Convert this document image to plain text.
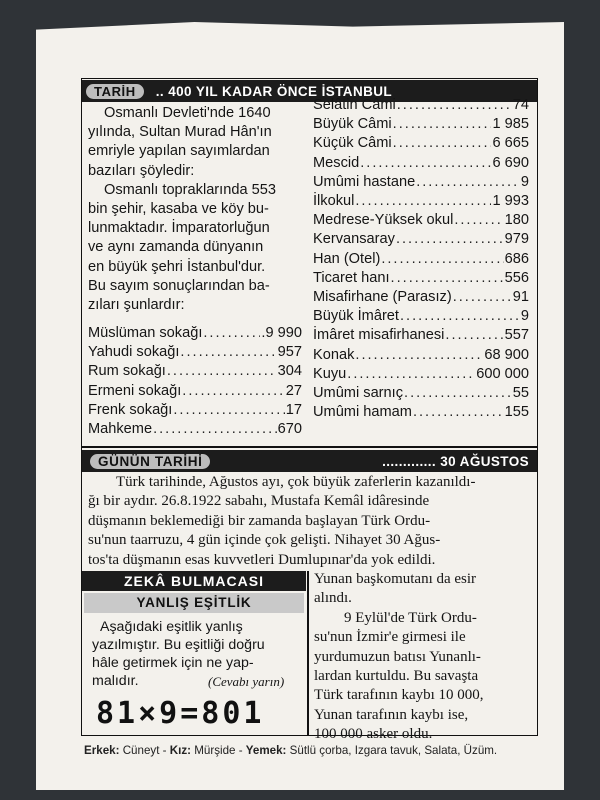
TARİH	.. 400 YIL KADAR ÖNCE İSTANBUL
Osmanlı Devleti'nde 1640
yılında, Sultan Murad Hân'ın
emriyle yapılan sayımlardan
bazıları şöyledir:
Osmanlı topraklarında 553
bin şehir, kasaba ve köy bu-
lunmaktadır. İmparatorluğun
ve aynı zamanda dünyanın
en büyük şehri İstanbul'dur.
Bu sayım sonuçlarından ba-
zıları şunlardır:
Müslüman sokağı .....	.9 990
Yahudi sokağı .....	957
Rum sokağı .....	304
Ermeni sokağı .....	27
Frenk sokağı .....	17
Mahkeme .....	670
Selâtin Câmi .....	74
Büyük Câmi .....	1 985
Küçük Câmi .....	6 665
Mescid .....	6 690
Umûmi hastane .....	9
İlkokul .....	1 993
Medrese-Yüksek okul .....	180
Kervansaray .....	979
Han (Otel) .....	686
Ticaret hanı .....	556
Misafirhane (Parasız) .....	91
Büyük İmâret .....	9
İmâret misafirhanesi .....	557
Konak .....	68 900
Kuyu .....	600 000
Umûmi sarnıç .....	55
Umûmi hamam .....	155
GÜNÜN TARİHİ	............. 30 AĞUSTOS
Türk tarihinde, Ağustos ayı, çok büyük zaferlerin kazanıldı-
ğı bir aydır. 26.8.1922 sabahı, Mustafa Kemâl idâresinde
düşmanın beklemediği bir zamanda başlayan Türk Ordu-
su'nun taarruzu, 4 gün içinde çok gelişti. Nihayet 30 Ağus-
tos'ta düşmanın esas kuvvetleri Dumlupınar'da yok edildi.
ZEKÂ BULMACASI
YANLIŞ EŞİTLİK
Aşağıdaki eşitlik yanlış
yazılmıştır. Bu eşitliği doğru
hâle getirmek için ne yap-
malıdır.	(Cevabı yarın)
81×9=801
Yunan başkomutanı da esir
alındı.
9 Eylül'de Türk Ordu-
su'nun İzmir'e girmesi ile
yurdumuzun batısı Yunanlı-
lardan kurtuldu. Bu savaşta
Türk tarafının kaybı 10 000,
Yunan tarafının kaybı ise,
100 000 asker oldu.
Erkek: Cüneyt - Kız: Mürşide - Yemek: Sütlü çorba, Izgara tavuk, Salata, Üzüm.
